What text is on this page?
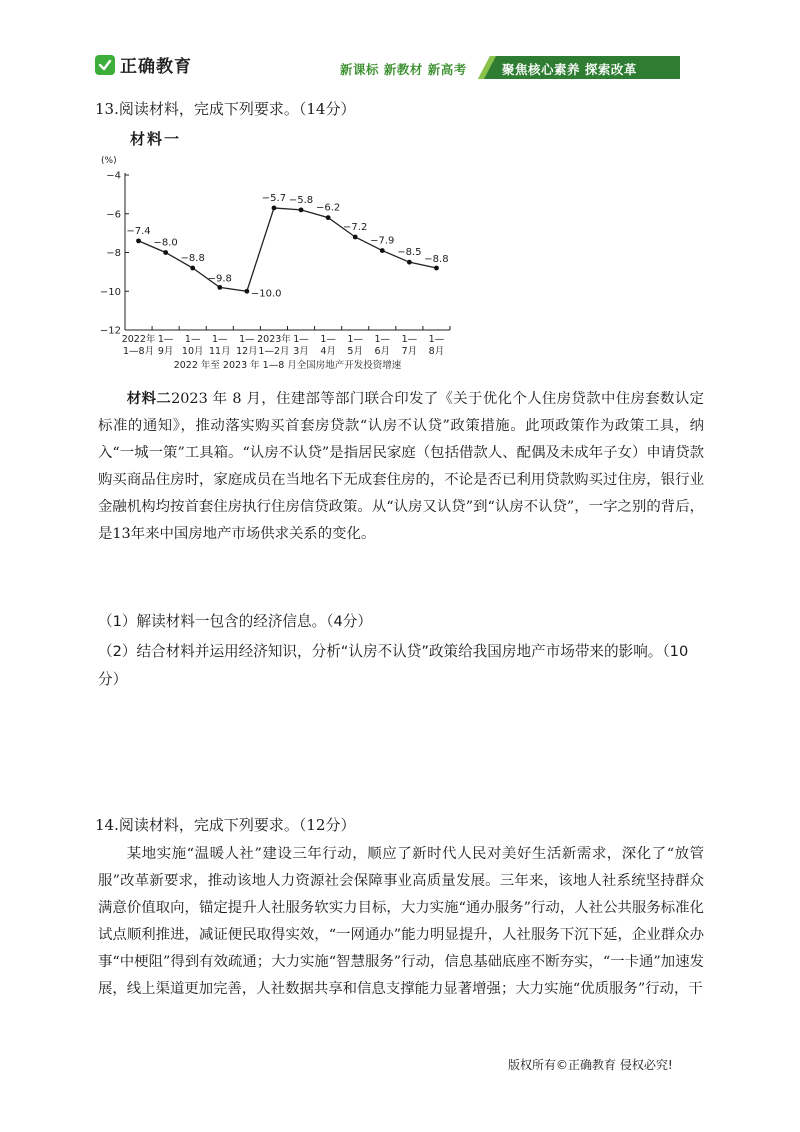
正确教育	新课标 新教材 新高考	聚焦核心素养 探索改革
13.阅读材料，完成下列要求。（14分）
材料一
(%)
−4
−6
−8
−10
−12
2022年
1—8月
1—
9月
1—
10月
1—
11月
1—
12月
2023年
1—2月
1—
3月
1—
4月
1—
5月
1—
6月
1—
7月
1—
8月
−7.4
−8.0
−8.8
−9.8
−10.0
−5.7 −5.8
−6.2
−7.2
−7.9
−8.5
−8.8
2022 年至 2023 年 1—8 月全国房地产开发投资增速

材料二2023 年 8 月，住建部等部门联合印发了《关于优化个人住房贷款中住房套数认定标准的通知》，推动落实购买首套房贷款“认房不认贷”政策措施。此项政策作为政策工具，纳入“一城一策”工具箱。“认房不认贷”是指居民家庭（包括借款人、配偶及未成年子女）申请贷款购买商品住房时，家庭成员在当地名下无成套住房的，不论是否已利用贷款购买过住房，银行业金融机构均按首套住房执行住房信贷政策。从“认房又认贷”到“认房不认贷”，一字之别的背后，是13年来中国房地产市场供求关系的变化。

（1）解读材料一包含的经济信息。（4分）

（2）结合材料并运用经济知识，分析“认房不认贷”政策给我国房地产市场带来的影响。（10分）

14.阅读材料，完成下列要求。（12分）

某地实施“温暖人社”建设三年行动，顺应了新时代人民对美好生活新需求，深化了“放管服”改革新要求，推动该地人力资源社会保障事业高质量发展。三年来，该地人社系统坚持群众满意价值取向，锚定提升人社服务软实力目标，大力实施“通办服务”行动，人社公共服务标准化试点顺利推进，减证便民取得实效，“一网通办”能力明显提升，人社服务下沉下延，企业群众办事“中梗阻”得到有效疏通；大力实施“智慧服务”行动，信息基础底座不断夯实，“一卡通”加速发展，线上渠道更加完善，人社数据共享和信息支撑能力显著增强；大力实施“优质服务”行动，干

版权所有©正确教育 侵权必究!
